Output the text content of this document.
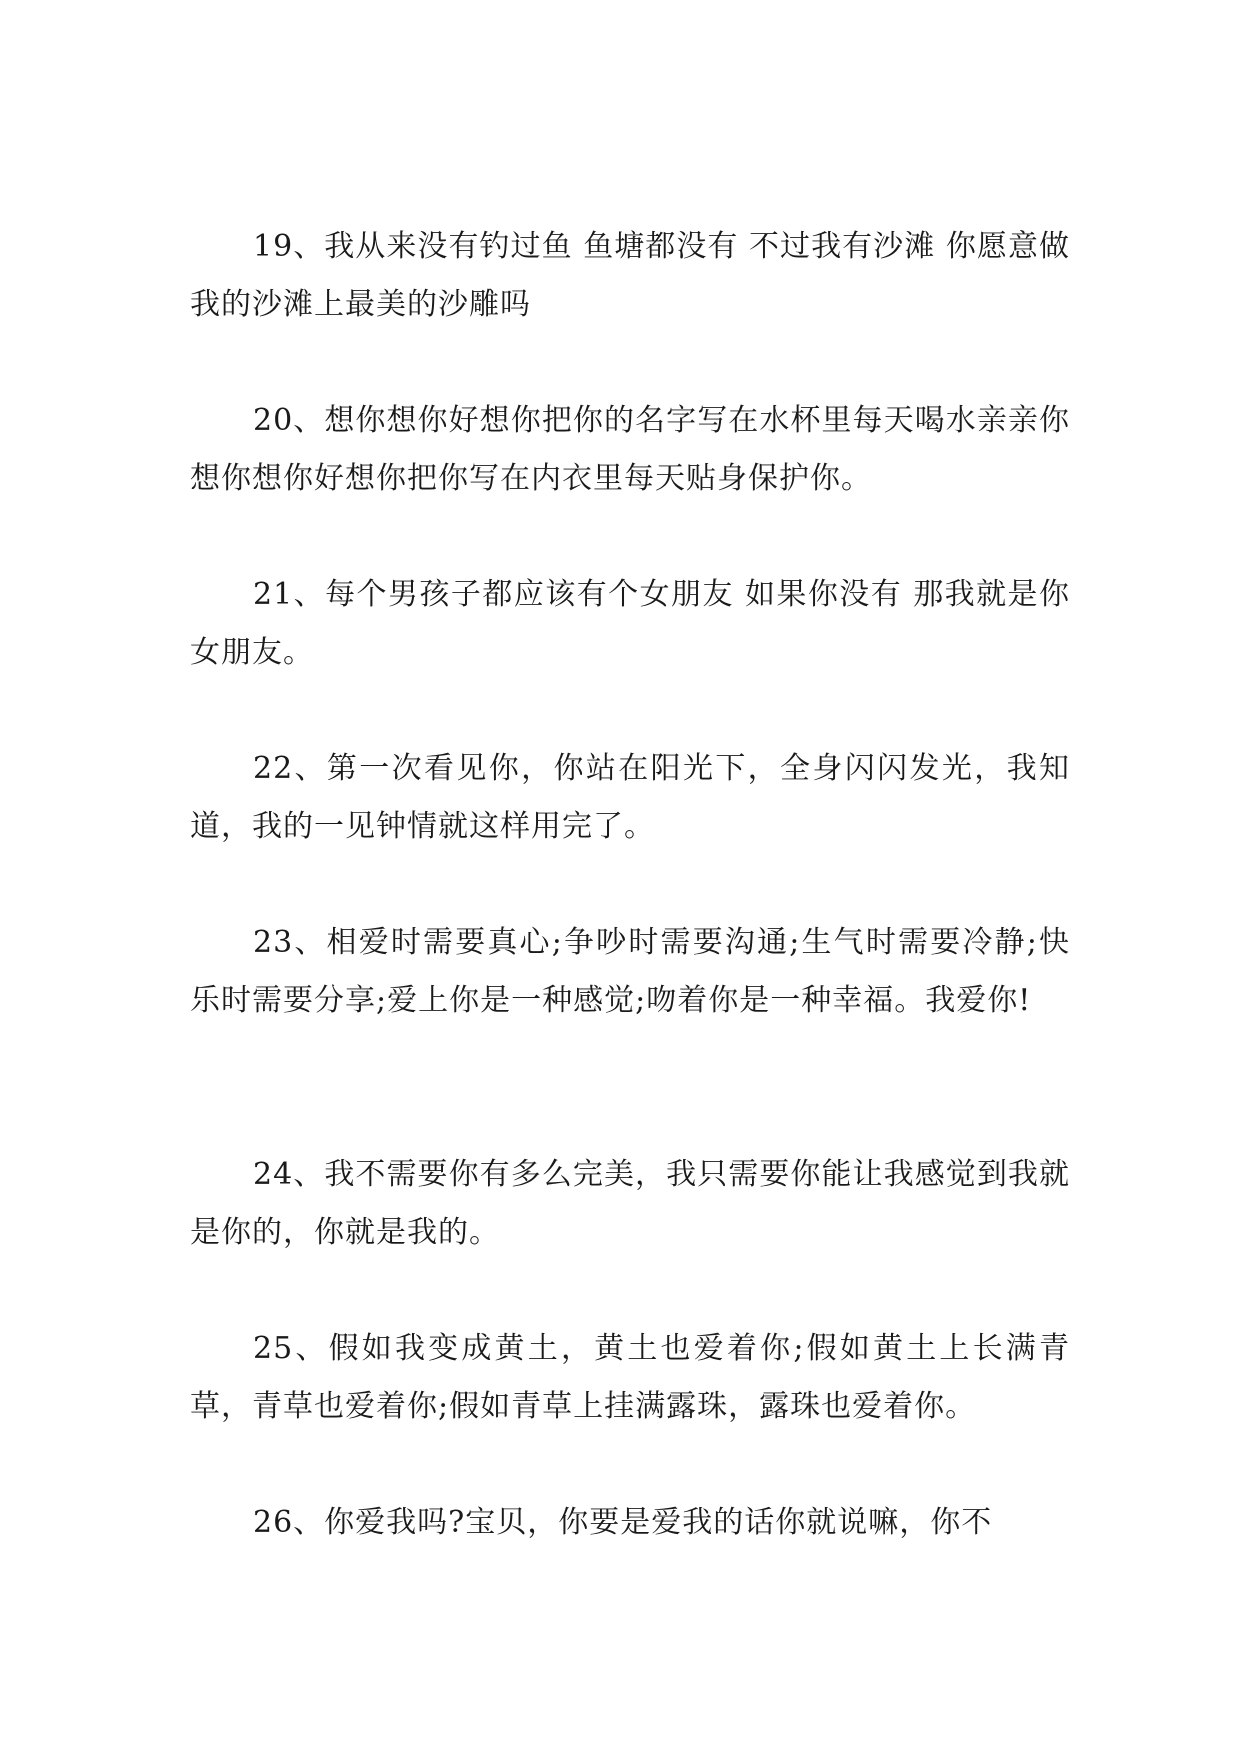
19、我从来没有钓过鱼 鱼塘都没有 不过我有沙滩 你愿意做我的沙滩上最美的沙雕吗

20、想你想你好想你把你的名字写在水杯里每天喝水亲亲你想你想你好想你把你写在内衣里每天贴身保护你。

21、每个男孩子都应该有个女朋友 如果你没有 那我就是你女朋友。

22、第一次看见你，你站在阳光下，全身闪闪发光，我知道，我的一见钟情就这样用完了。

23、相爱时需要真心;争吵时需要沟通;生气时需要冷静;快乐时需要分享;爱上你是一种感觉;吻着你是一种幸福。我爱你!

24、我不需要你有多么完美，我只需要你能让我感觉到我就是你的，你就是我的。

25、假如我变成黄土，黄土也爱着你;假如黄土上长满青草，青草也爱着你;假如青草上挂满露珠，露珠也爱着你。

26、你爱我吗?宝贝，你要是爱我的话你就说嘛，你不
